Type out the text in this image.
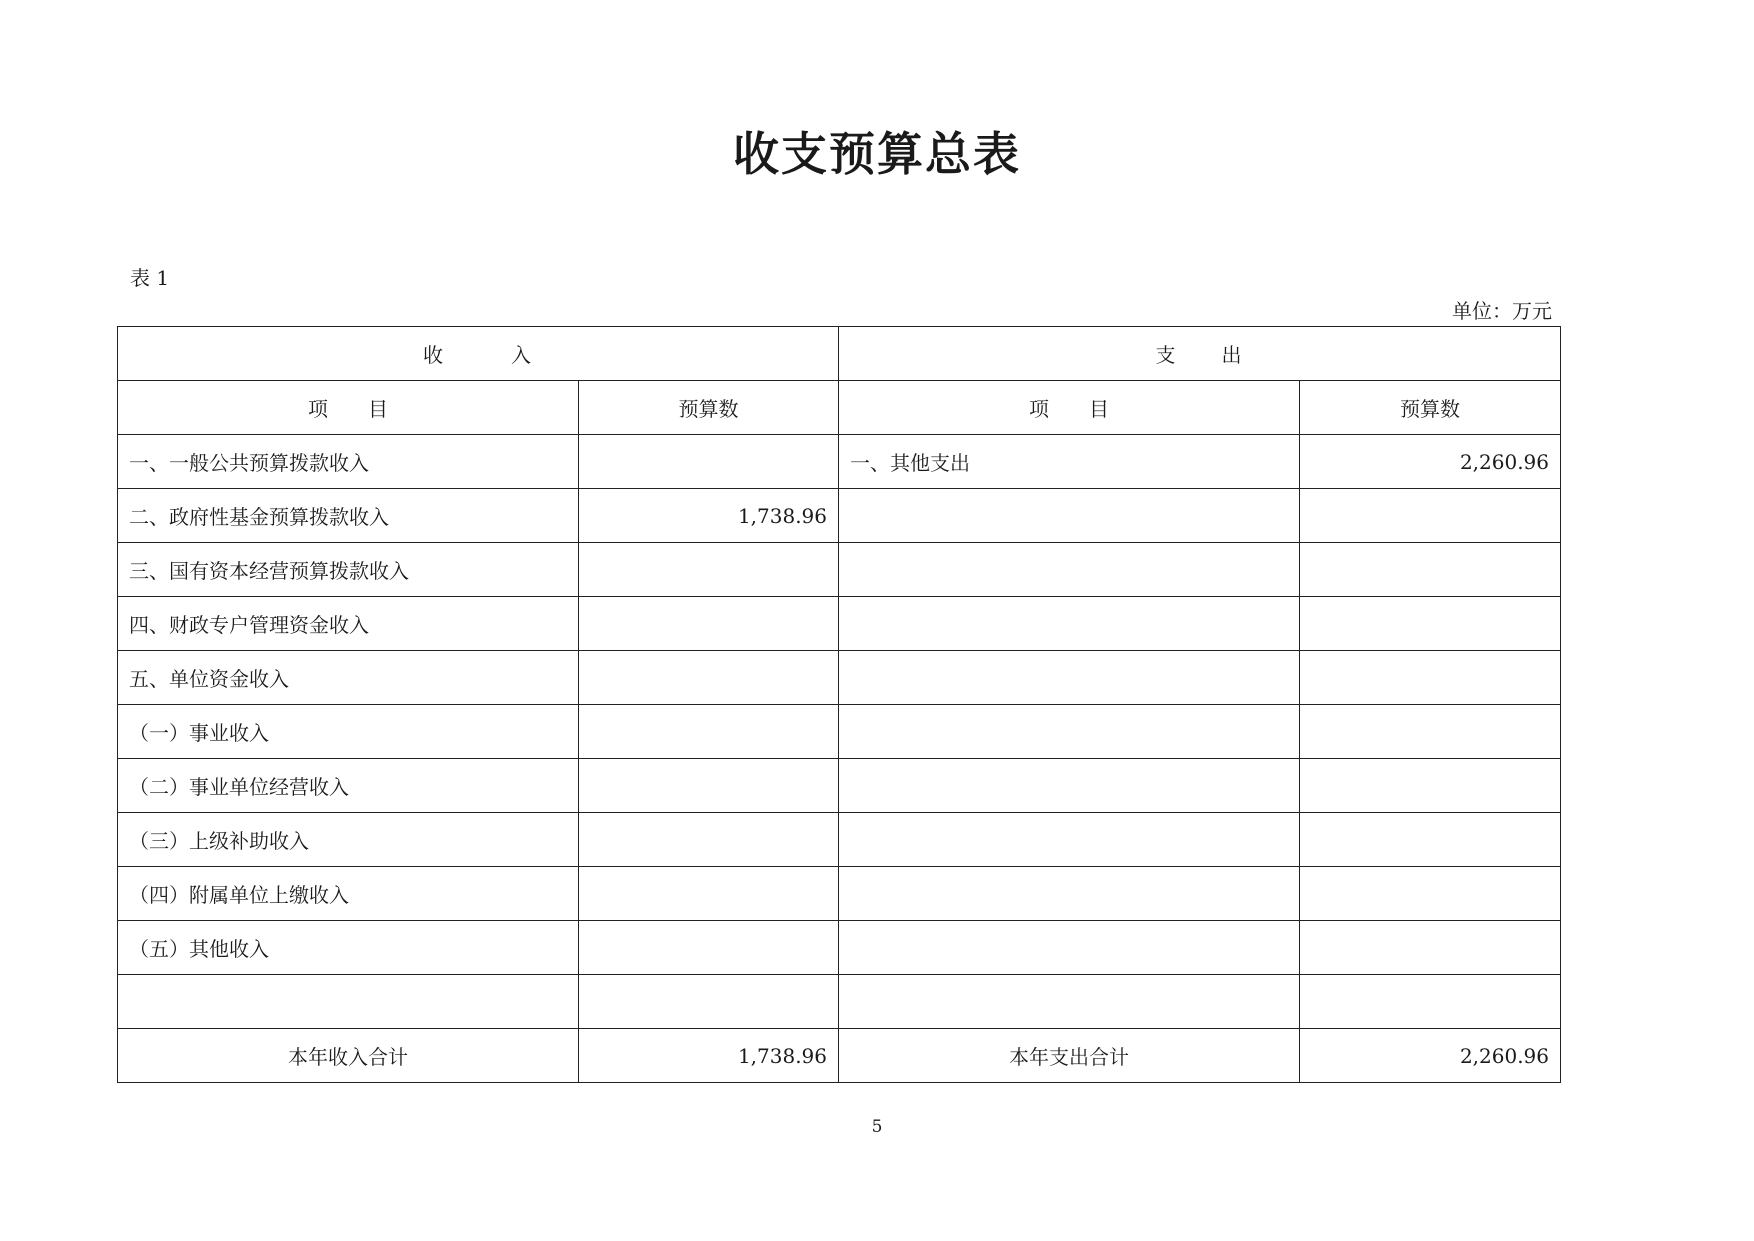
收支预算总表
表 1
单位：万元
收　　　入		支　　出	
项　　目	预算数	项　　目	预算数
一、一般公共预算拨款收入		一、其他支出	2,260.96
二、政府性基金预算拨款收入	1,738.96		
三、国有资本经营预算拨款收入			
四、财政专户管理资金收入			
五、单位资金收入			
（一）事业收入			
（二）事业单位经营收入			
（三）上级补助收入			
（四）附属单位上缴收入			
（五）其他收入			

本年收入合计	1,738.96	本年支出合计	2,260.96
5
